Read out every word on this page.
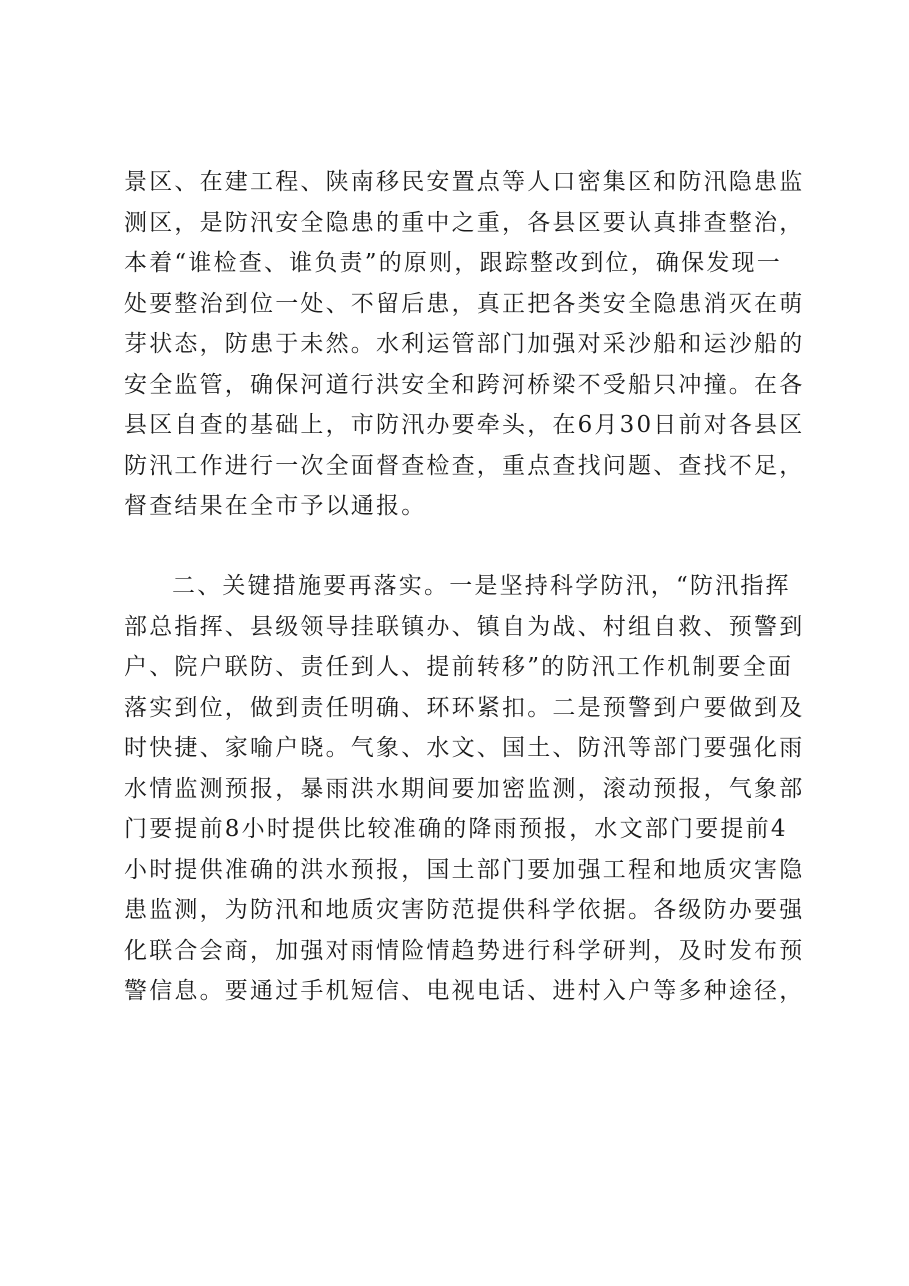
景区、在建工程、陕南移民安置点等人口密集区和防汛隐患监
测区，是防汛安全隐患的重中之重，各县区要认真排查整治，
本着“谁检查、谁负责”的原则，跟踪整改到位，确保发现一
处要整治到位一处、不留后患，真正把各类安全隐患消灭在萌
芽状态，防患于未然。水利运管部门加强对采沙船和运沙船的
安全监管，确保河道行洪安全和跨河桥梁不受船只冲撞。在各
县区自查的基础上，市防汛办要牵头，在6月30日前对各县区
防汛工作进行一次全面督查检查，重点查找问题、查找不足，
督查结果在全市予以通报。
二、关键措施要再落实。一是坚持科学防汛，“防汛指挥
部总指挥、县级领导挂联镇办、镇自为战、村组自救、预警到
户、院户联防、责任到人、提前转移”的防汛工作机制要全面
落实到位，做到责任明确、环环紧扣。二是预警到户要做到及
时快捷、家喻户晓。气象、水文、国土、防汛等部门要强化雨
水情监测预报，暴雨洪水期间要加密监测，滚动预报，气象部
门要提前8小时提供比较准确的降雨预报，水文部门要提前4
小时提供准确的洪水预报，国土部门要加强工程和地质灾害隐
患监测，为防汛和地质灾害防范提供科学依据。各级防办要强
化联合会商，加强对雨情险情趋势进行科学研判，及时发布预
警信息。要通过手机短信、电视电话、进村入户等多种途径，
